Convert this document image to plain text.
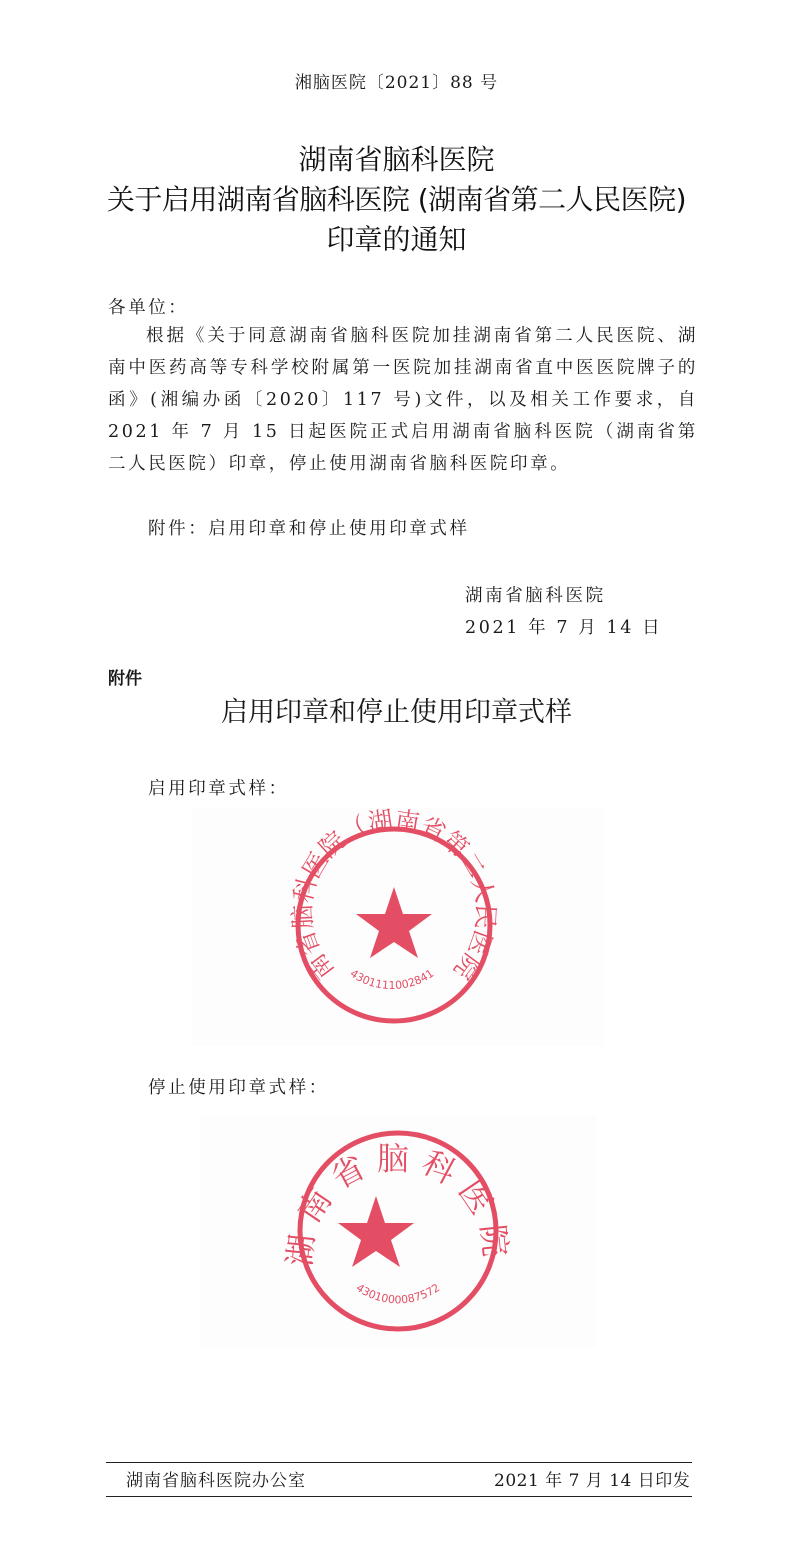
湘脑医院〔2021〕88 号
湖南省脑科医院
关于启用湖南省脑科医院 (湖南省第二人民医院)
印章的通知
各单位：
根据《关于同意湖南省脑科医院加挂湖南省第二人民医院、湖南中医药高等专科学校附属第一医院加挂湖南省直中医医院牌子的函》(湘编办函〔2020〕117 号)文件，以及相关工作要求，自 2021 年 7 月 15 日起医院正式启用湖南省脑科医院（湖南省第二人民医院）印章，停止使用湖南省脑科医院印章。
附件：启用印章和停止使用印章式样
湖南省脑科医院
2021 年 7 月 14 日
附件
启用印章和停止使用印章式样
启用印章式样：
南省脑科医院（湖南省第二人民医院
4301111002841
停止使用印章式样：
湖南省脑科医院
4301000087572
湖南省脑科医院办公室	2021 年 7 月 14 日印发
